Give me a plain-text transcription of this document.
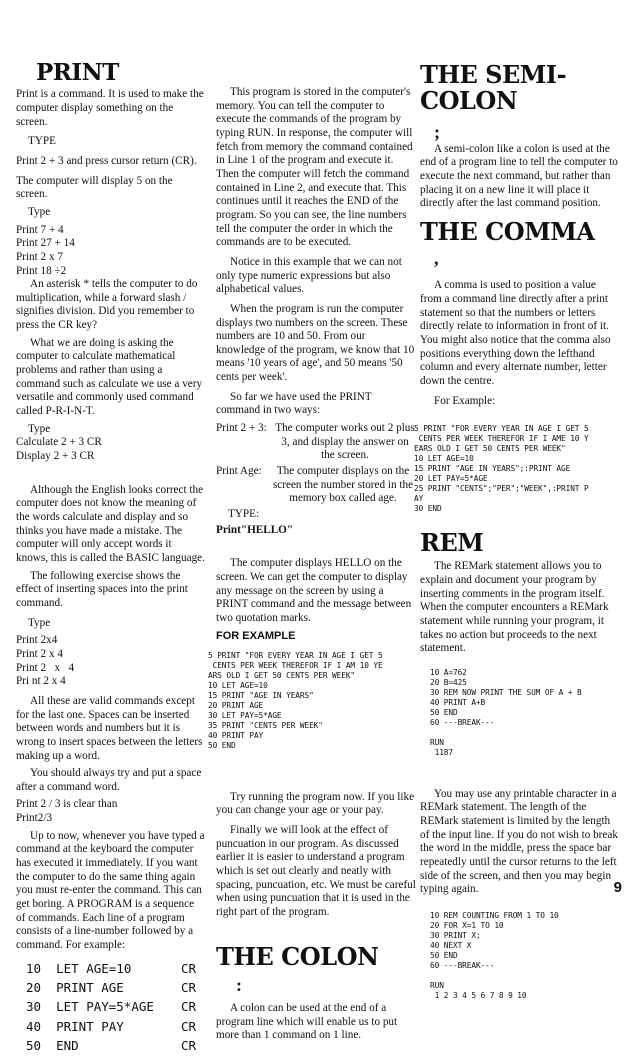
PRINT

Print is a command. It is used to make the computer display something on the screen.

TYPE

Print 2 + 3 and press cursor return (CR).

The computer will display 5 on the screen.

Type

Print 7 + 4

Print 27 + 14

Print 2 x 7

Print 18 ÷2

An asterisk * tells the computer to do multiplication, while a forward slash / signifies division. Did you remember to press the CR key?

What we are doing is asking the computer to calculate mathematical problems and rather than using a command such as calculate we use a very versatile and commonly used command called P-R-I-N-T.

Type

Calculate 2 + 3 CR

Display 2 + 3 CR

Although the English looks correct the computer does not know the meaning of the words calculate and display and so thinks you have made a mistake. The computer will only accept words it knows, this is called the BASIC language.

The following exercise shows the effect of inserting spaces into the print command.

Type

Print 2x4

Print 2 x 4

Print 2   x   4

Pri nt 2 x 4

All these are valid commands except for the last one. Spaces can be inserted between words and numbers but it is wrong to insert spaces between the letters making up a word.

You should always try and put a space after a command word.

Print 2 / 3 is clear than

Print2/3

Up to now, whenever you have typed a command at the keyboard the computer has executed it immediately. If you want the computer to do the same thing again you must re-enter the command. This can get boring. A PROGRAM is a sequence of commands. Each line of a program consists of a line-number followed by a command. For example:

10  LET AGE=10	CR
20  PRINT AGE	CR
30  LET PAY=5*AGE CR
40  PRINT PAY	CR
50  END	CR

This program is stored in the computer's memory. You can tell the computer to execute the commands of the program by typing RUN. In response, the computer will fetch from memory the command contained in Line 1 of the program and execute it. Then the computer will fetch the command contained in Line 2, and execute that. This continues until it reaches the END of the program. So you can see, the line numbers tell the computer the order in which the commands are to be executed.

Notice in this example that we can not only type numeric expressions but also alphabetical values.

When the program is run the computer displays two numbers on the screen. These numbers are 10 and 50. From our knowledge of the program, we know that 10 means '10 years of age', and 50 means '50 cents per week'.

So far we have used the PRINT command in two ways:

Print 2 + 3: The computer works out 2 plus 3, and display the answer on the screen.
Print Age:	The computer displays on the screen the number stored in the memory box called age.

TYPE:

Print"HELLO"

The computer displays HELLO on the screen. We can get the computer to display any message on the screen by using a PRINT command and the message between two quotation marks.

FOR EXAMPLE

5 PRINT "FOR EVERY YEAR IN AGE I GET 5
CENTS PER WEEK THEREFOR IF I AM 10 YE
ARS OLD I GET 50 CENTS PER WEEK"
10 LET AGE=10
15 PRINT "AGE IN YEARS"
20 PRINT AGE
30 LET PAY=5*AGE
35 PRINT "CENTS PER WEEK"
40 PRINT PAY
50 END

Try running the program now. If you like you can change your age or your pay.

Finally we will look at the effect of puncuation in our program. As discussed earlier it is easier to understand a program which is set out clearly and neatly with spacing, puncuation, etc. We must be careful when using puncuation that it is used in the right part of the program.

THE COLON

:

A colon can be used at the end of a program line which will enable us to put more than 1 command on 1 line.

THE SEMI-COLON

;

A semi-colon like a colon is used at the end of a program line to tell the computer to execute the next command, but rather than placing it on a new line it will place it directly after the last command position.

THE COMMA

,

A comma is used to position a value from a command line directly after a print statement so that the numbers or letters directly relate to information in front of it. You might also notice that the comma also positions everything down the lefthand column and every alternate number, letter down the centre.

For Example:

5 PRINT "FOR EVERY YEAR IN AGE I GET 5
CENTS PER WEEK THEREFOR IF I AME 10 Y
EARS OLD I GET 50 CENTS PER WEEK"
10 LET AGE=10
15 PRINT "AGE IN YEARS";:PRINT AGE
20 LET PAY=5*AGE
25 PRINT "CENTS";"PER";"WEEK",:PRINT P
AY
30 END
REM

The REMark statement allows you to explain and document your program by inserting comments in the program itself. When the computer encounters a REMark statement while running your program, it takes no action but proceeds to the next statement.

10 A=762
20 B=425
30 REM NOW PRINT THE SUM OF A + B
40 PRINT A+B
50 END
60 ---BREAK---

RUN
1187

You may use any printable character in a REMark statement. The length of the REMark statement is limited by the length of the input line. If you do not wish to break the word in the middle, press the space bar repeatedly until the cursor returns to the left side of the screen, and then you may begin typing again.

10 REM COUNTING FROM 1 TO 10
20 FOR X=1 TO 10
30 PRINT X;
40 NEXT X
50 END
60 ---BREAK---

RUN
1 2 3 4 5 6 7 8 9 10
9
